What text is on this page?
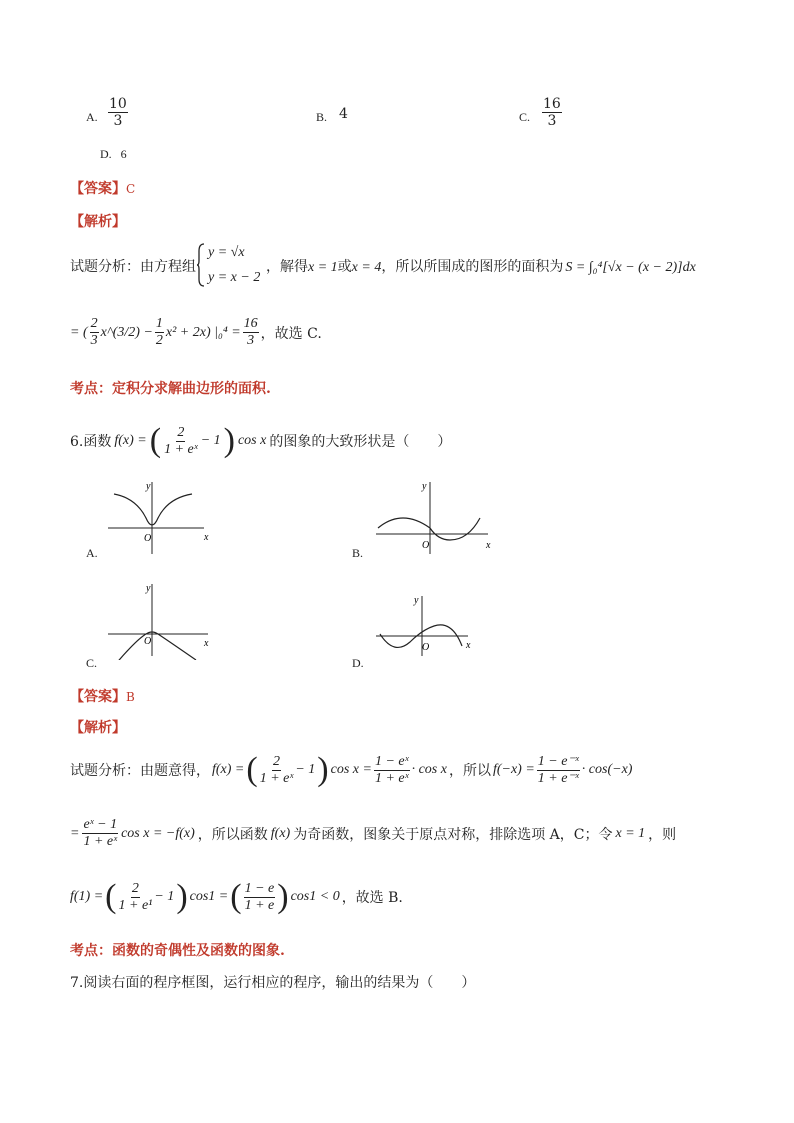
A. $\frac{10}{3}$	B. 4	C. $\frac{16}{3}$
D. 6
【答案】C
【解析】
试题分析：由方程组
y = √x
y = x − 2
，解得x = 1或x = 4，所以所围成的图形的面积为 S = ∫₀⁴[√x − (x − 2)]dx
= ( $\frac{2}{3}$ x^(3/2) − $\frac{1}{2} x^2 + 2x$) $|_0^4 = \frac{16}{3}$ ，故选 C.
考点：定积分求解曲边形的面积.
6.函数 f(x) = ( $\frac{2}{\text{1 + eˣ}} - 1$ ) cos x 的图象的大致形状是（　　）
y
O	x
A.
y
O	x
B.
y
O	x
C.
y
O	x
D.
【答案】B
【解析】
试题分析：由题意得， f(x) = ( $\frac{2}{\text{1 + eˣ}} - 1$ ) $\cos x = \frac{\text{1 − eˣ}}{\text{1 + eˣ}} \cdot \cos x$ ，所以 $f(-x) = \frac{\text{1 − e⁻ˣ}}{\text{1 + e⁻ˣ}} \cdot \cos(-x)$
= $\frac{\text{eˣ − 1}}{\text{1 + eˣ}}$ cos x = −f(x) ，所以函数 f(x) 为奇函数，图象关于原点对称，排除选项 A，C；令 x = 1 ，则
f(1) = ( $\frac{2}{\text{1 + e¹}} - 1$ ) cos1 = ( $\frac{1 - e}{1 + e}$ ) cos1 < 0 ，故选 B.
考点：函数的奇偶性及函数的图象.
7.阅读右面的程序框图，运行相应的程序，输出的结果为（　　）
